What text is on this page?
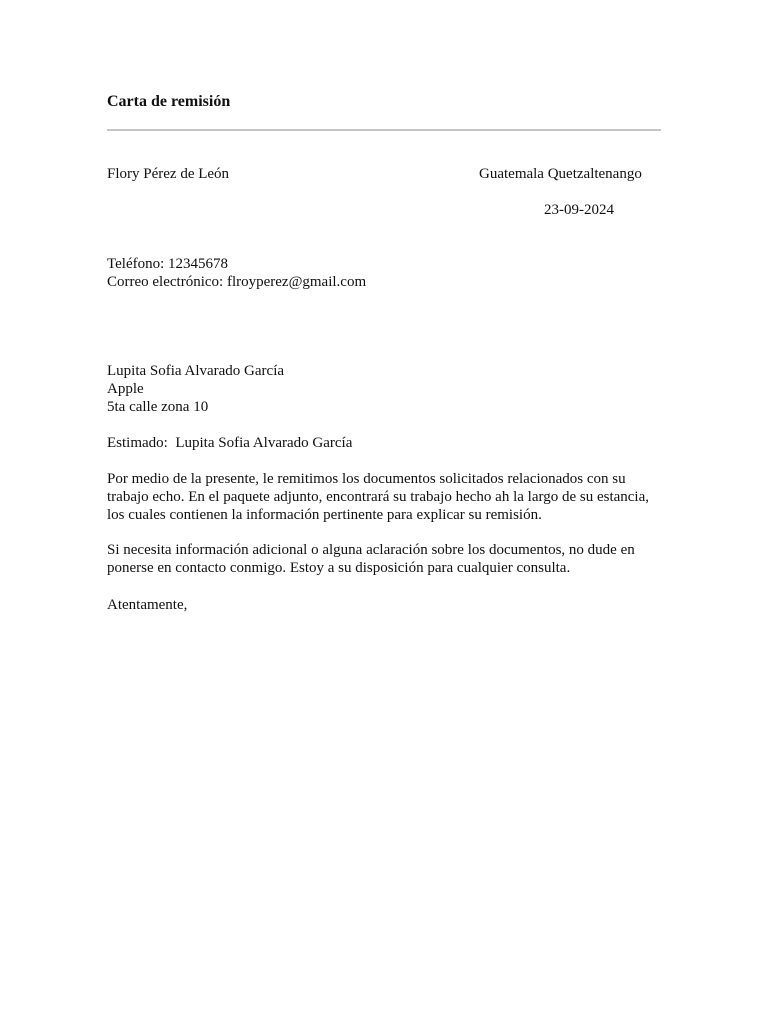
Carta de remisión
Flory Pérez de León	Guatemala Quetzaltenango
23-09-2024
Teléfono: 12345678
Correo electrónico: flroyperez@gmail.com
Lupita Sofia Alvarado García
Apple
5ta calle zona 10
Estimado:  Lupita Sofia Alvarado García
Por medio de la presente, le remitimos los documentos solicitados relacionados con su
trabajo echo. En el paquete adjunto, encontrará su trabajo hecho ah la largo de su estancia,
los cuales contienen la información pertinente para explicar su remisión.
Si necesita información adicional o alguna aclaración sobre los documentos, no dude en
ponerse en contacto conmigo. Estoy a su disposición para cualquier consulta.
Atentamente,
